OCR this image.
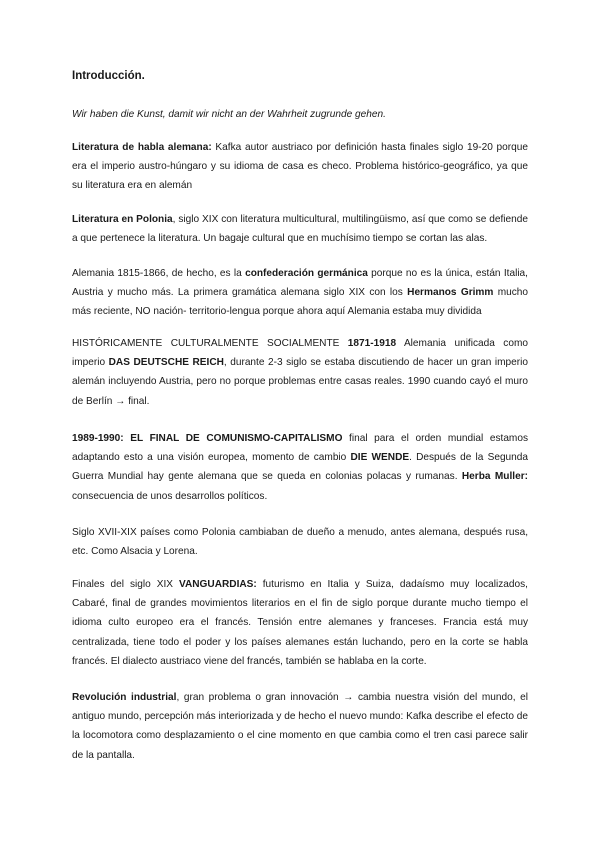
Introducción.

Wir haben die Kunst, damit wir nicht an der Wahrheit zugrunde gehen.

Literatura de habla alemana: Kafka autor austriaco por definición hasta finales siglo 19-20 porque era el imperio austro-húngaro y su idioma de casa es checo. Problema histórico-geográfico, ya que su literatura era en alemán

Literatura en Polonia, siglo XIX con literatura multicultural, multilingüismo, así que como se defiende a que pertenece la literatura. Un bagaje cultural que en muchísimo tiempo se cortan las alas.

Alemania 1815-1866, de hecho, es la confederación germánica porque no es la única, están Italia, Austria y mucho más. La primera gramática alemana siglo XIX con los Hermanos Grimm mucho más reciente, NO nación- territorio-lengua porque ahora aquí Alemania estaba muy dividida

HISTÓRICAMENTE CULTURALMENTE SOCIALMENTE 1871-1918 Alemania unificada como imperio DAS DEUTSCHE REICH, durante 2-3 siglo se estaba discutiendo de hacer un gran imperio alemán incluyendo Austria, pero no porque problemas entre casas reales. 1990 cuando cayó el muro de Berlín → final.

1989-1990: EL FINAL DE COMUNISMO-CAPITALISMO final para el orden mundial estamos adaptando esto a una visión europea, momento de cambio DIE WENDE. Después de la Segunda Guerra Mundial hay gente alemana que se queda en colonias polacas y rumanas. Herba Muller: consecuencia de unos desarrollos políticos.

Siglo XVII-XIX países como Polonia cambiaban de dueño a menudo, antes alemana, después rusa, etc. Como Alsacia y Lorena.

Finales del siglo XIX VANGUARDIAS: futurismo en Italia y Suiza, dadaísmo muy localizados, Cabaré, final de grandes movimientos literarios en el fin de siglo porque durante mucho tiempo el idioma culto europeo era el francés. Tensión entre alemanes y franceses. Francia está muy centralizada, tiene todo el poder y los países alemanes están luchando, pero en la corte se habla francés. El dialecto austriaco viene del francés, también se hablaba en la corte.

Revolución industrial, gran problema o gran innovación → cambia nuestra visión del mundo, el antiguo mundo, percepción más interiorizada y de hecho el nuevo mundo: Kafka describe el efecto de la locomotora como desplazamiento o el cine momento en que cambia como el tren casi parece salir de la pantalla.
